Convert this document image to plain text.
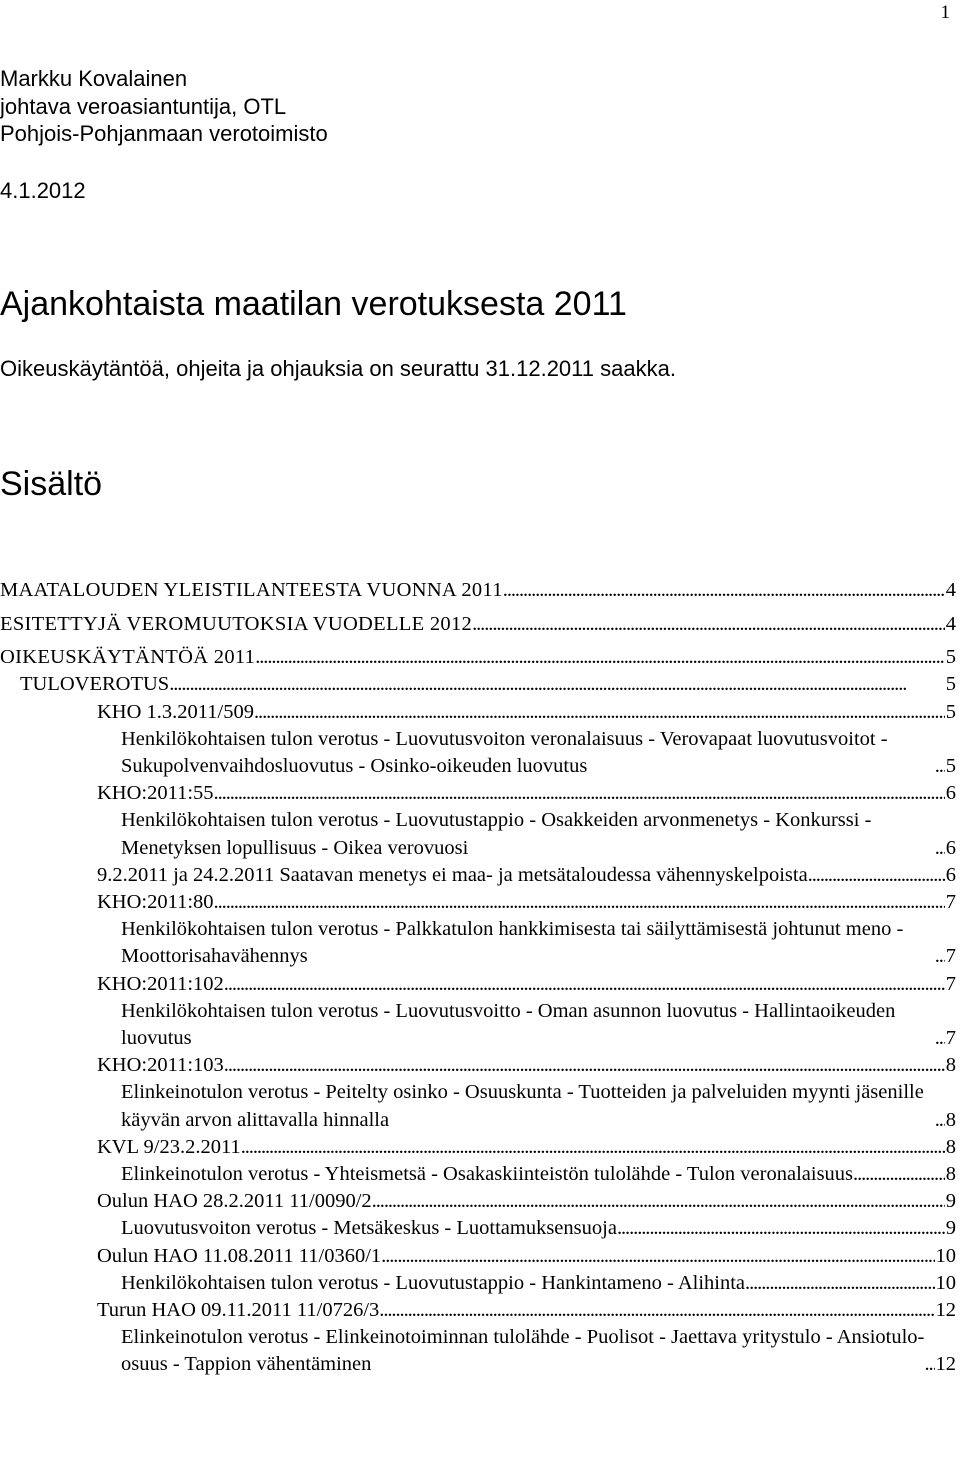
1
Markku Kovalainen
johtava veroasiantuntija, OTL
Pohjois-Pohjanmaan verotoimisto
4.1.2012
Ajankohtaista maatilan verotuksesta 2011
Oikeuskäytäntöä, ohjeita ja ohjauksia on seurattu 31.12.2011 saakka.
Sisältö
MAATALOUDEN YLEISTILANTEESTA VUONNA 2011 . . .	4
ESITETTYJÄ VEROMUUTOKSIA VUODELLE 2012 . . .	4
OIKEUSKÄYTÄNTÖÄ 2011 . . .	5
TULOVEROTUS . . .	5
KHO 1.3.2011/509 . . .	5
Henkilökohtaisen tulon verotus - Luovutusvoiton veronalaisuus - Verovapaat luovutusvoitot - Sukupolvenvaihdosluovutus - Osinko-oikeuden luovutus . . .	5
KHO:2011:55 . . .	6
Henkilökohtaisen tulon verotus - Luovutustappio - Osakkeiden arvonmenetys - Konkurssi - Menetyksen lopullisuus - Oikea verovuosi . . .	6
9.2.2011 ja 24.2.2011 Saatavan menetys ei maa- ja metsätaloudessa vähennyskelpoista . . .	6
KHO:2011:80 . . .	7
Henkilökohtaisen tulon verotus - Palkkatulon hankkimisesta tai säilyttämisestä johtunut meno - Moottorisahavähennys . . .	7
KHO:2011:102 . . .	7
Henkilökohtaisen tulon verotus - Luovutusvoitto - Oman asunnon luovutus - Hallintaoikeuden luovutus . . .	7
KHO:2011:103 . . .	8
Elinkeinotulon verotus - Peitelty osinko - Osuuskunta - Tuotteiden ja palveluiden myynti jäsenille käyvän arvon alittavalla hinnalla . . .	8
KVL 9/23.2.2011 . . .	8
Elinkeinotulon verotus - Yhteismetsä - Osakaskiinteistön tulolähde - Tulon veronalaisuus . . .	8
Oulun HAO 28.2.2011 11/0090/2 . . .	9
Luovutusvoiton verotus - Metsäkeskus - Luottamuksensuoja . . .	9
Oulun HAO 11.08.2011 11/0360/1 . . .	10
Henkilökohtaisen tulon verotus - Luovutustappio - Hankintameno - Alihinta . . .	10
Turun HAO 09.11.2011 11/0726/3 . . .	12
Elinkeinotulon verotus - Elinkeinotoiminnan tulolähde - Puolisot - Jaettava yritystulo - Ansiotulo-osuus - Tappion vähentäminen . . .	12
